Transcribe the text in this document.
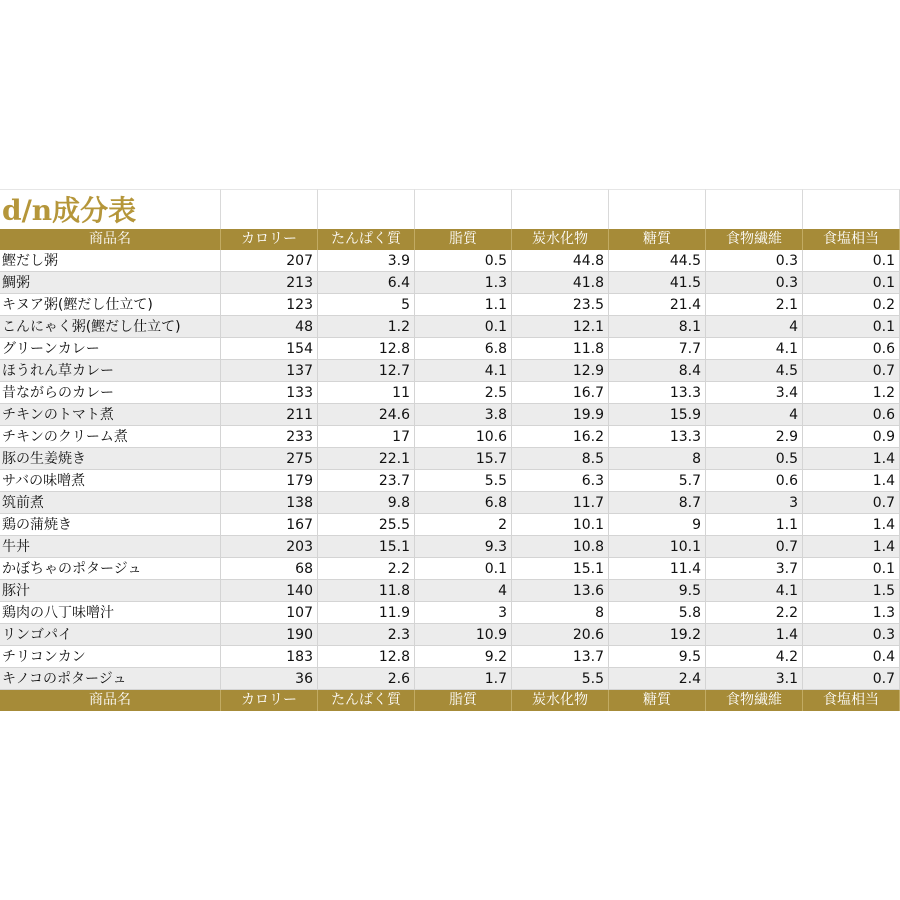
d/n成分表
商品名	カロリー	たんぱく質	脂質	炭水化物	糖質	食物繊維	食塩相当
鰹だし粥	207	3.9	0.5	44.8	44.5	0.3	0.1
鯛粥	213	6.4	1.3	41.8	41.5	0.3	0.1
キヌア粥(鰹だし仕立て)	123	5	1.1	23.5	21.4	2.1	0.2
こんにゃく粥(鰹だし仕立て)	48	1.2	0.1	12.1	8.1	4	0.1
グリーンカレー	154	12.8	6.8	11.8	7.7	4.1	0.6
ほうれん草カレー	137	12.7	4.1	12.9	8.4	4.5	0.7
昔ながらのカレー	133	11	2.5	16.7	13.3	3.4	1.2
チキンのトマト煮	211	24.6	3.8	19.9	15.9	4	0.6
チキンのクリーム煮	233	17	10.6	16.2	13.3	2.9	0.9
豚の生姜焼き	275	22.1	15.7	8.5	8	0.5	1.4
サバの味噌煮	179	23.7	5.5	6.3	5.7	0.6	1.4
筑前煮	138	9.8	6.8	11.7	8.7	3	0.7
鶏の蒲焼き	167	25.5	2	10.1	9	1.1	1.4
牛丼	203	15.1	9.3	10.8	10.1	0.7	1.4
かぼちゃのポタージュ	68	2.2	0.1	15.1	11.4	3.7	0.1
豚汁	140	11.8	4	13.6	9.5	4.1	1.5
鶏肉の八丁味噌汁	107	11.9	3	8	5.8	2.2	1.3
リンゴパイ	190	2.3	10.9	20.6	19.2	1.4	0.3
チリコンカン	183	12.8	9.2	13.7	9.5	4.2	0.4
キノコのポタージュ	36	2.6	1.7	5.5	2.4	3.1	0.7
商品名	カロリー	たんぱく質	脂質	炭水化物	糖質	食物繊維	食塩相当
